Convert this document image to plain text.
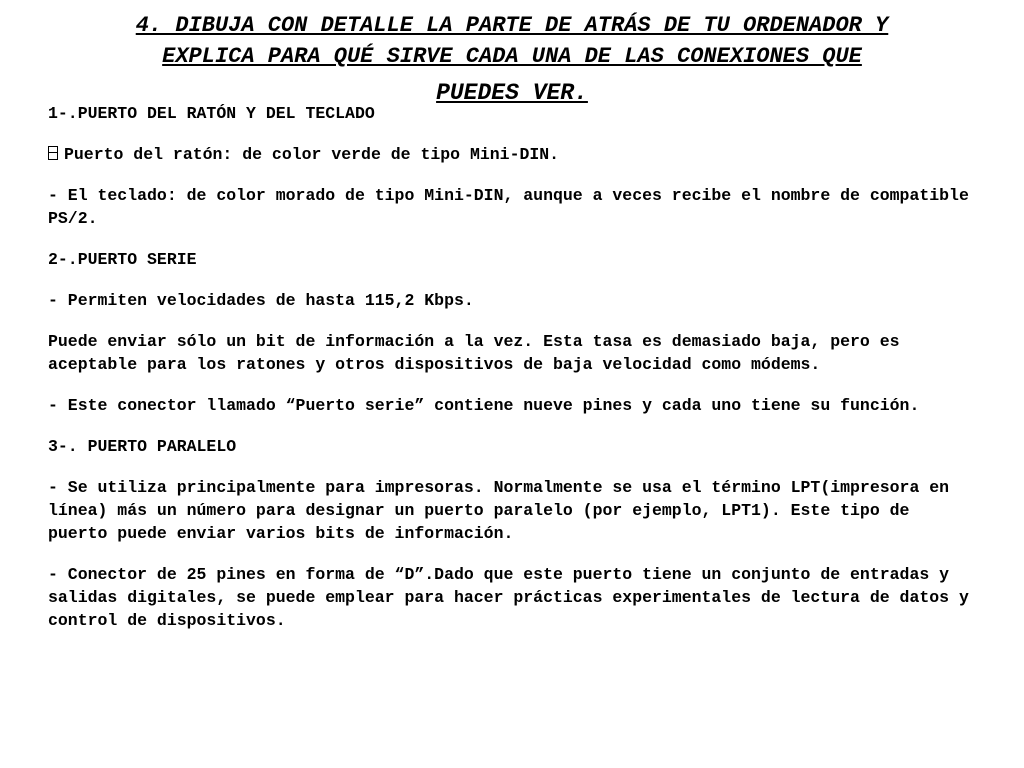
4. DIBUJA CON DETALLE LA PARTE DE ATRÁS DE TU ORDENADOR Y
EXPLICA PARA QUÉ SIRVE CADA UNA DE LAS CONEXIONES QUE
PUEDES VER.

1-.PUERTO DEL RATÓN Y DEL TECLADO

Puerto del ratón: de color verde de tipo Mini-DIN.

- El teclado: de color morado de tipo Mini-DIN, aunque a veces recibe el nombre de compatible PS/2.

2-.PUERTO SERIE

- Permiten velocidades de hasta 115,2 Kbps.

Puede enviar sólo un bit de información a la vez. Esta tasa es demasiado baja, pero es aceptable para los ratones y otros dispositivos de baja velocidad como módems.

- Este conector llamado “Puerto serie” contiene nueve pines y cada uno tiene su función.

3-. PUERTO PARALELO

- Se utiliza principalmente para impresoras. Normalmente se usa el término LPT(impresora en línea) más un número para designar un puerto paralelo (por ejemplo, LPT1). Este tipo de puerto puede enviar varios bits de información.

- Conector de 25 pines en forma de “D”.Dado que este puerto tiene un conjunto de entradas y salidas digitales, se puede emplear para hacer prácticas experimentales de lectura de datos y control de dispositivos.
